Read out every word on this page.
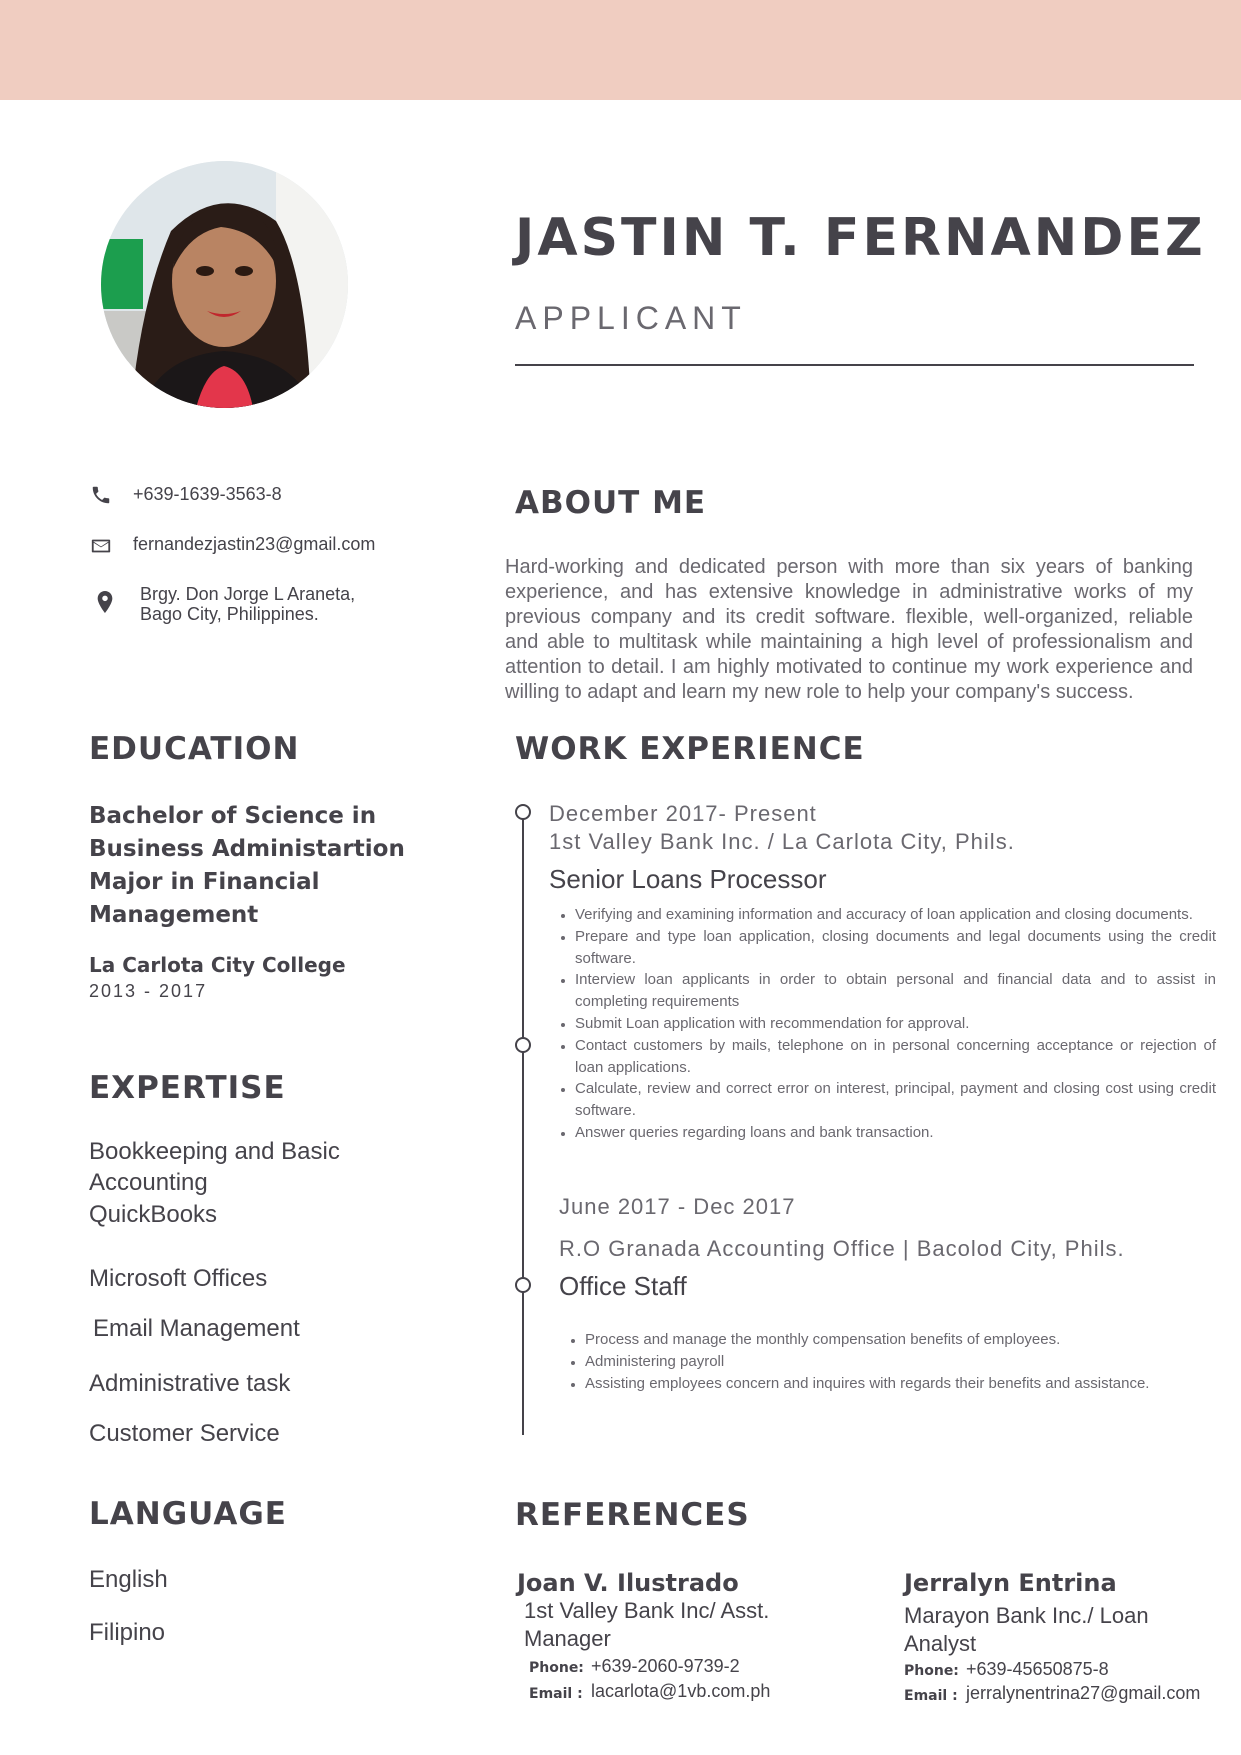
JASTIN T. FERNANDEZ
APPLICANT
+639-1639-3563-8
fernandezjastin23@gmail.com
Brgy. Don Jorge L Araneta,
Bago City, Philippines.
ABOUT ME
Hard-working and dedicated person with more than six years of banking experience, and has extensive knowledge in administrative works of my previous company and its credit software. flexible, well-organized, reliable and able to multitask while maintaining a high level of professionalism and attention to detail. I am highly motivated to continue my work experience and willing to adapt and learn my new role to help your company's success.
EDUCATION
Bachelor of Science in
Business Administartion
Major in Financial
Management
La Carlota City College
2013 - 2017
EXPERTISE
Bookkeeping and Basic
Accounting
QuickBooks
Microsoft Offices
Email Management
Administrative task
Customer Service
LANGUAGE
English
Filipino
WORK EXPERIENCE
December 2017- Present
1st Valley Bank Inc. / La Carlota City, Phils.
Senior Loans Processor
• Verifying and examining information and accuracy of loan application and closing documents.
• Prepare and type loan application, closing documents and legal documents using the credit software.
• Interview loan applicants in order to obtain personal and financial data and to assist in completing requirements
• Submit Loan application with recommendation for approval.
• Contact customers by mails, telephone on in personal concerning acceptance or rejection of loan applications.
• Calculate, review and correct error on interest, principal, payment and closing cost using credit software.
• Answer queries regarding loans and bank transaction.
June 2017 - Dec 2017
R.O Granada Accounting Office | Bacolod City, Phils.
Office Staff
• Process and manage the monthly compensation benefits of employees.
• Administering payroll
• Assisting employees concern and inquires with regards their benefits and assistance.
REFERENCES
Joan V. Ilustrado
1st Valley Bank Inc/ Asst.
Manager
Phone: +639-2060-9739-2
Email : lacarlota@1vb.com.ph
Jerralyn Entrina
Marayon Bank Inc./ Loan
Analyst
Phone: +639-45650875-8
Email : jerralynentrina27@gmail.com
